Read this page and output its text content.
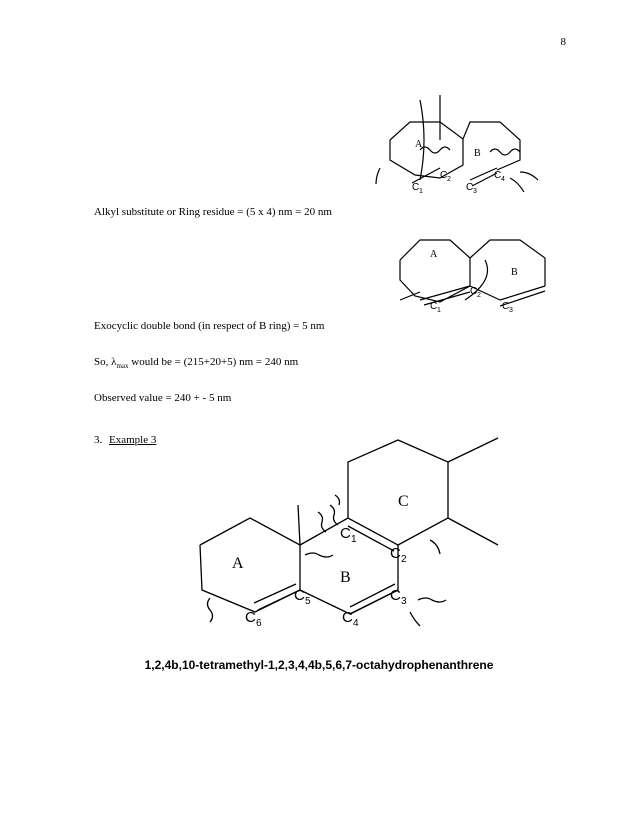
8
A
B
C 1
C 2
C 3
C 4
Alkyl substitute or Ring residue = (5 x 4) nm = 20 nm
A
B
C 1
C 2
C 3
Exocyclic double bond (in respect of B ring) = 5 nm
So, $\lambda_{max}$ would be = (215+20+5) nm = 240 nm
Observed value = 240 + - 5 nm
3. Example 3
A
B
C
C 1
C 2
C 3
C 4
C 5
C 6
1,2,4b,10-tetramethyl-1,2,3,4,4b,5,6,7-octahydrophenanthrene
